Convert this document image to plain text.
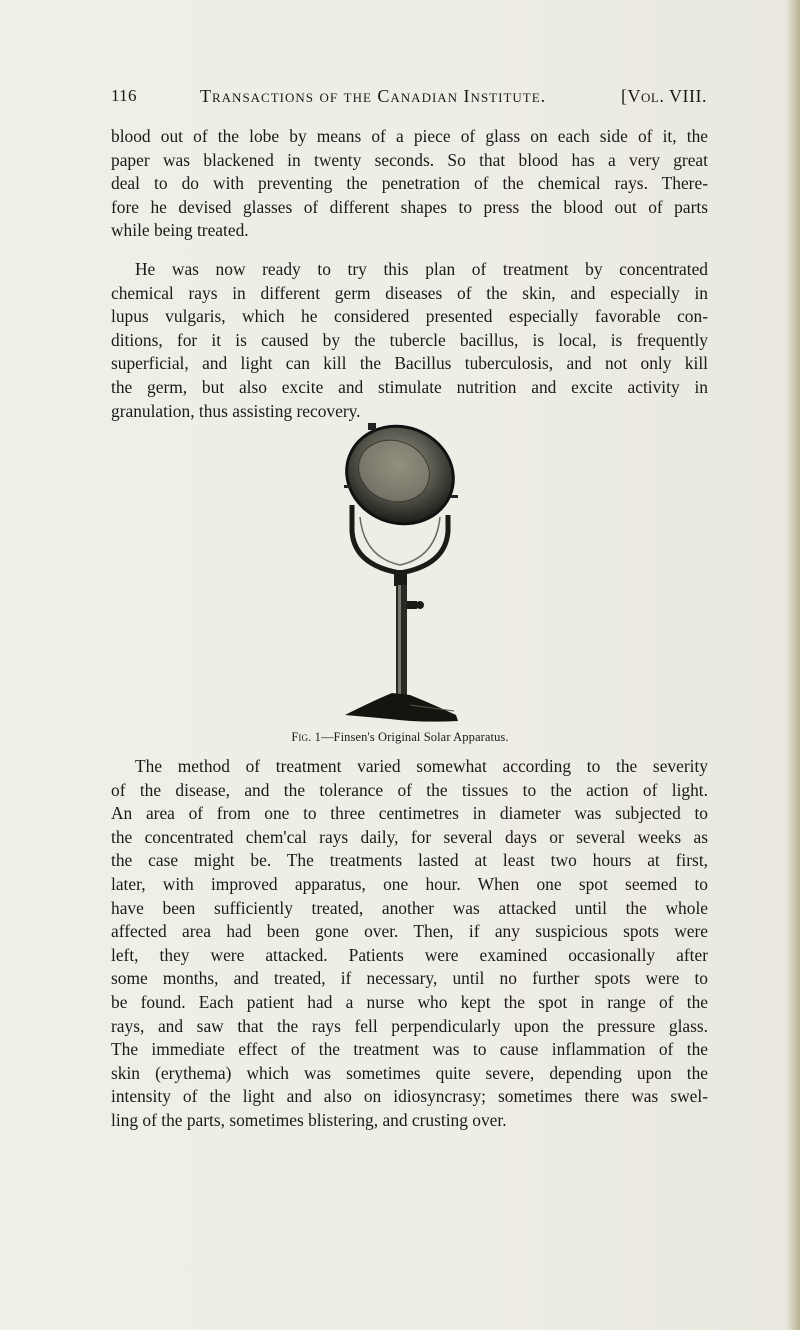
116	Transactions of the Canadian Institute.	[Vol. VIII.
blood out of the lobe by means of a piece of glass on each side of it, the
paper was blackened in twenty seconds. So that blood has a very great
deal to do with preventing the penetration of the chemical rays. There-
fore he devised glasses of different shapes to press the blood out of parts
while being treated.
He was now ready to try this plan of treatment by concentrated
chemical rays in different germ diseases of the skin, and especially in
lupus vulgaris, which he considered presented especially favorable con-
ditions, for it is caused by the tubercle bacillus, is local, is frequently
superficial, and light can kill the Bacillus tuberculosis, and not only kill
the germ, but also excite and stimulate nutrition and excite activity in
granulation, thus assisting recovery.
Fig. 1—Finsen's Original Solar Apparatus.
The method of treatment varied somewhat according to the severity
of the disease, and the tolerance of the tissues to the action of light.
An area of from one to three centimetres in diameter was subjected to
the concentrated chem'cal rays daily, for several days or several weeks as
the case might be. The treatments lasted at least two hours at first,
later, with improved apparatus, one hour. When one spot seemed to
have been sufficiently treated, another was attacked until the whole
affected area had been gone over. Then, if any suspicious spots were
left, they were attacked. Patients were examined occasionally after
some months, and treated, if necessary, until no further spots were to
be found. Each patient had a nurse who kept the spot in range of the
rays, and saw that the rays fell perpendicularly upon the pressure glass.
The immediate effect of the treatment was to cause inflammation of the
skin (erythema) which was sometimes quite severe, depending upon the
intensity of the light and also on idiosyncrasy; sometimes there was swel-
ling of the parts, sometimes blistering, and crusting over.
